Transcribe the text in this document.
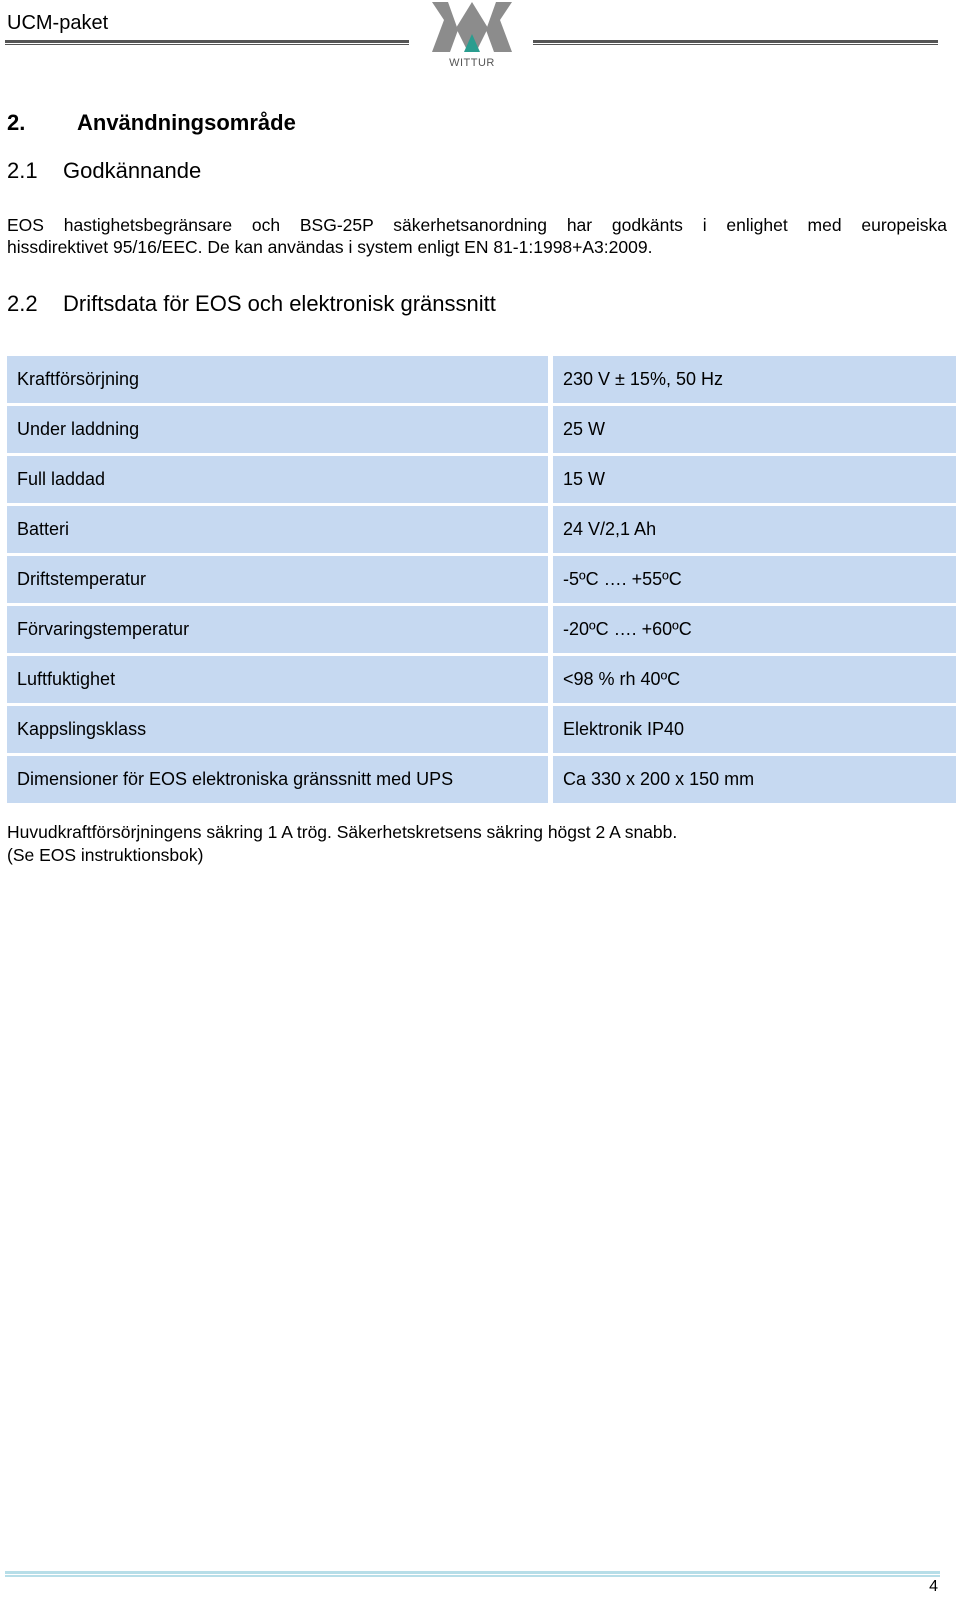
UCM-paket
WITTUR
2. Användningsområde
2.1 Godkännande
EOS hastighetsbegränsare och BSG-25P säkerhetsanordning har godkänts i enlighet med europeiska
hissdirektivet 95/16/EEC. De kan användas i system enligt EN 81-1:1998+A3:2009.
2.2 Driftsdata för EOS och elektronisk gränssnitt
Kraftförsörjning	230 V ± 15%, 50 Hz
Under laddning	25 W
Full laddad	15 W
Batteri	24 V/2,1 Ah
Driftstemperatur	-5ºC …. +55ºC
Förvaringstemperatur	-20ºC …. +60ºC
Luftfuktighet	<98 % rh 40ºC
Kappslingsklass	Elektronik IP40
Dimensioner för EOS elektroniska gränssnitt med UPS	Ca 330 x 200 x 150 mm
Huvudkraftförsörjningens säkring 1 A trög. Säkerhetskretsens säkring högst 2 A snabb.
(Se EOS instruktionsbok)
4
